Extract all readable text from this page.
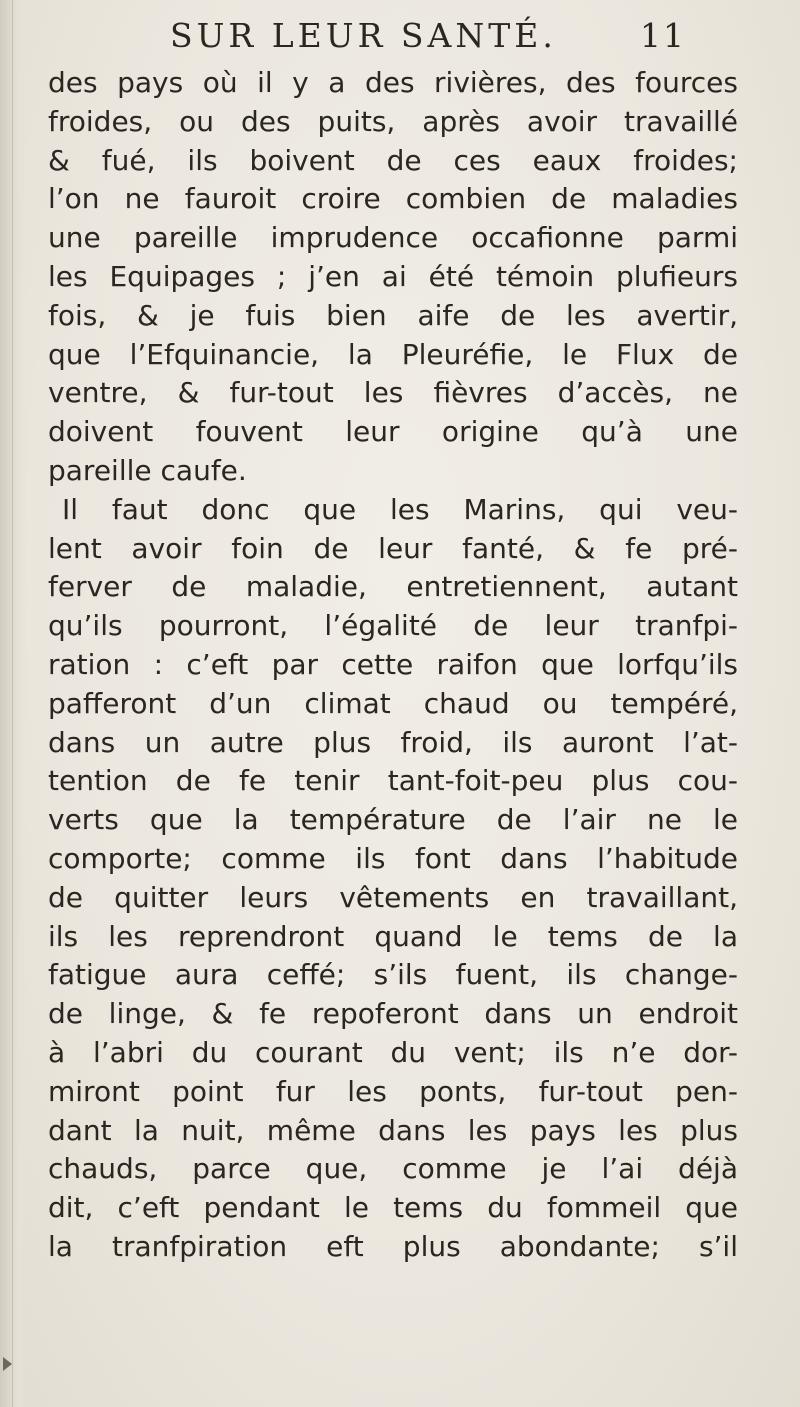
SUR LEUR SANTÉ.	11
des pays où il y a des rivières, des fources
froides, ou des puits, après avoir travaillé
& fué, ils boivent de ces eaux froides;
l’on ne fauroit croire combien de maladies
une pareille imprudence occafionne parmi
les Equipages ; j’en ai été témoin plufieurs
fois, & je fuis bien aife de les avertir,
que l’Efquinancie, la Pleuréfie, le Flux de
ventre, & fur-tout les fièvres d’accès, ne
doivent fouvent leur origine qu’à une
pareille caufe.
Il faut donc que les Marins, qui veu-
lent avoir foin de leur fanté, & fe pré-
ferver de maladie, entretiennent, autant
qu’ils pourront, l’égalité de leur tranfpi-
ration : c’eft par cette raifon que lorfqu’ils
pafferont d’un climat chaud ou tempéré,
dans un autre plus froid, ils auront l’at-
tention de fe tenir tant-foit-peu plus cou-
verts que la température de l’air ne le
comporte; comme ils font dans l’habitude
de quitter leurs vêtements en travaillant,
ils les reprendront quand le tems de la
fatigue aura ceffé; s’ils fuent, ils change-
de linge, & fe repoferont dans un endroit
à l’abri du courant du vent; ils n’e dor-
miront point fur les ponts, fur-tout pen-
dant la nuit, même dans les pays les plus
chauds, parce que, comme je l’ai déjà
dit, c’eft pendant le tems du fommeil que
la tranfpiration eft plus abondante; s’il
